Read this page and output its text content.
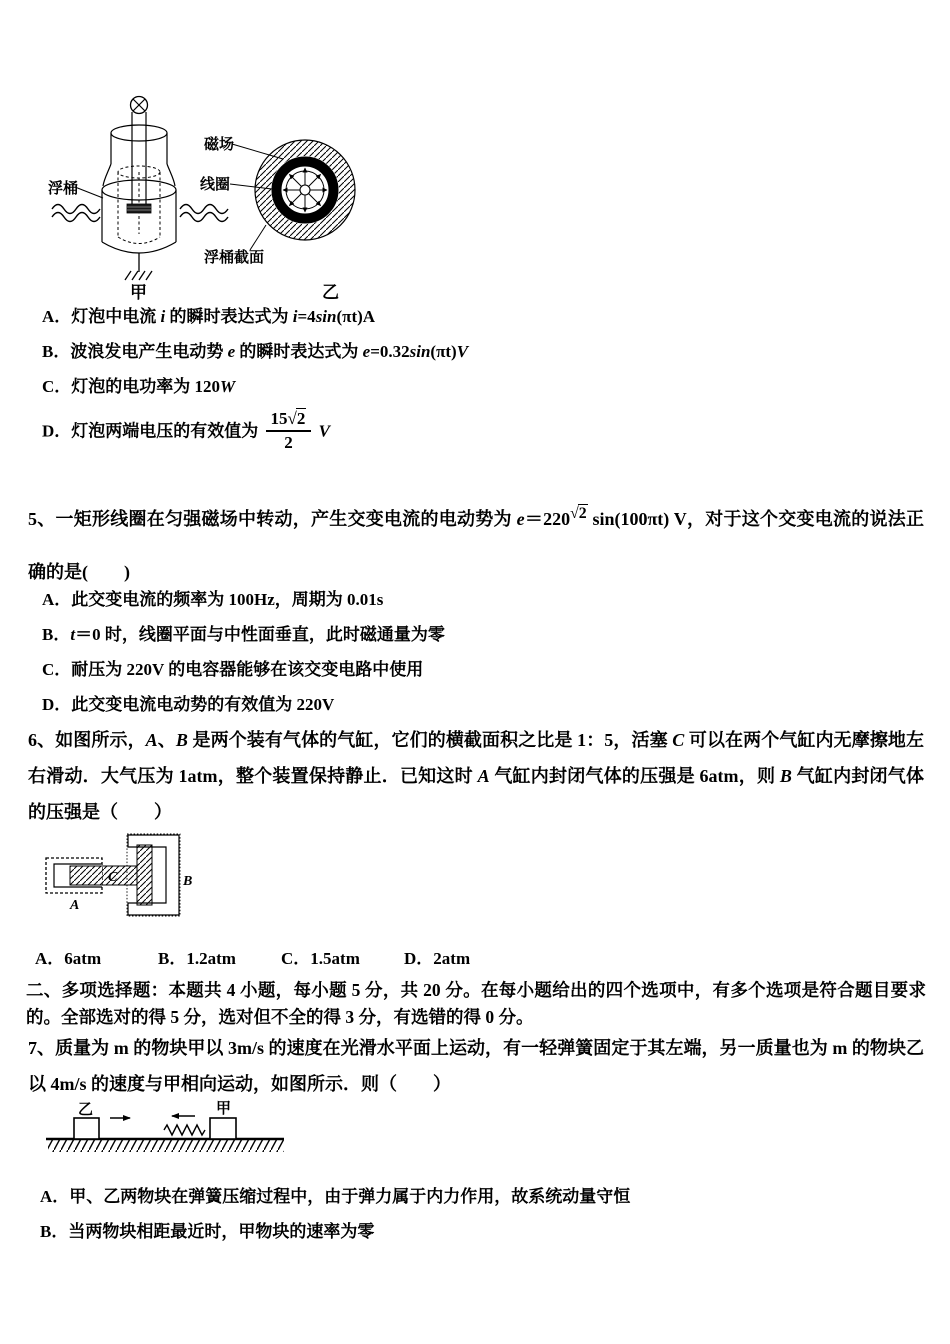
浮桶
磁场
线圈
浮桶截面
甲	乙
A．灯泡中电流 i 的瞬时表达式为 i=4sin(πt)A
B．波浪发电产生电动势 e 的瞬时表达式为 e=0.32sin(πt)V
C．灯泡的电功率为 120W
D．灯泡两端电压的有效值为 $\frac{15√2}{2}$ V
5、一矩形线圈在匀强磁场中转动，产生交变电流的电动势为 e＝220√2 sin(100πt) V，对于这个交变电流的说法正确的是(　　)
A．此交变电流的频率为 100Hz，周期为 0.01s
B．t＝0 时，线圈平面与中性面垂直，此时磁通量为零
C．耐压为 220V 的电容器能够在该交变电路中使用
D．此交变电流电动势的有效值为 220V
6、如图所示，A、B 是两个装有气体的气缸，它们的横截面积之比是 1：5，活塞 C 可以在两个气缸内无摩擦地左右滑动．大气压为 1atm，整个装置保持静止．已知这时 A 气缸内封闭气体的压强是 6atm，则 B 气缸内封闭气体的压强是（　　）
C
A
B
A．6atm	B．1.2atm	C．1.5atm	D．2atm
二、多项选择题：本题共 4 小题，每小题 5 分，共 20 分。在每小题给出的四个选项中，有多个选项是符合题目要求的。全部选对的得 5 分，选对但不全的得 3 分，有选错的得 0 分。
7、质量为 m 的物块甲以 3m/s 的速度在光滑水平面上运动，有一轻弹簧固定于其左端，另一质量也为 m 的物块乙以 4m/s 的速度与甲相向运动，如图所示．则（　　）
乙	甲
A．甲、乙两物块在弹簧压缩过程中，由于弹力属于内力作用，故系统动量守恒
B．当两物块相距最近时，甲物块的速率为零
